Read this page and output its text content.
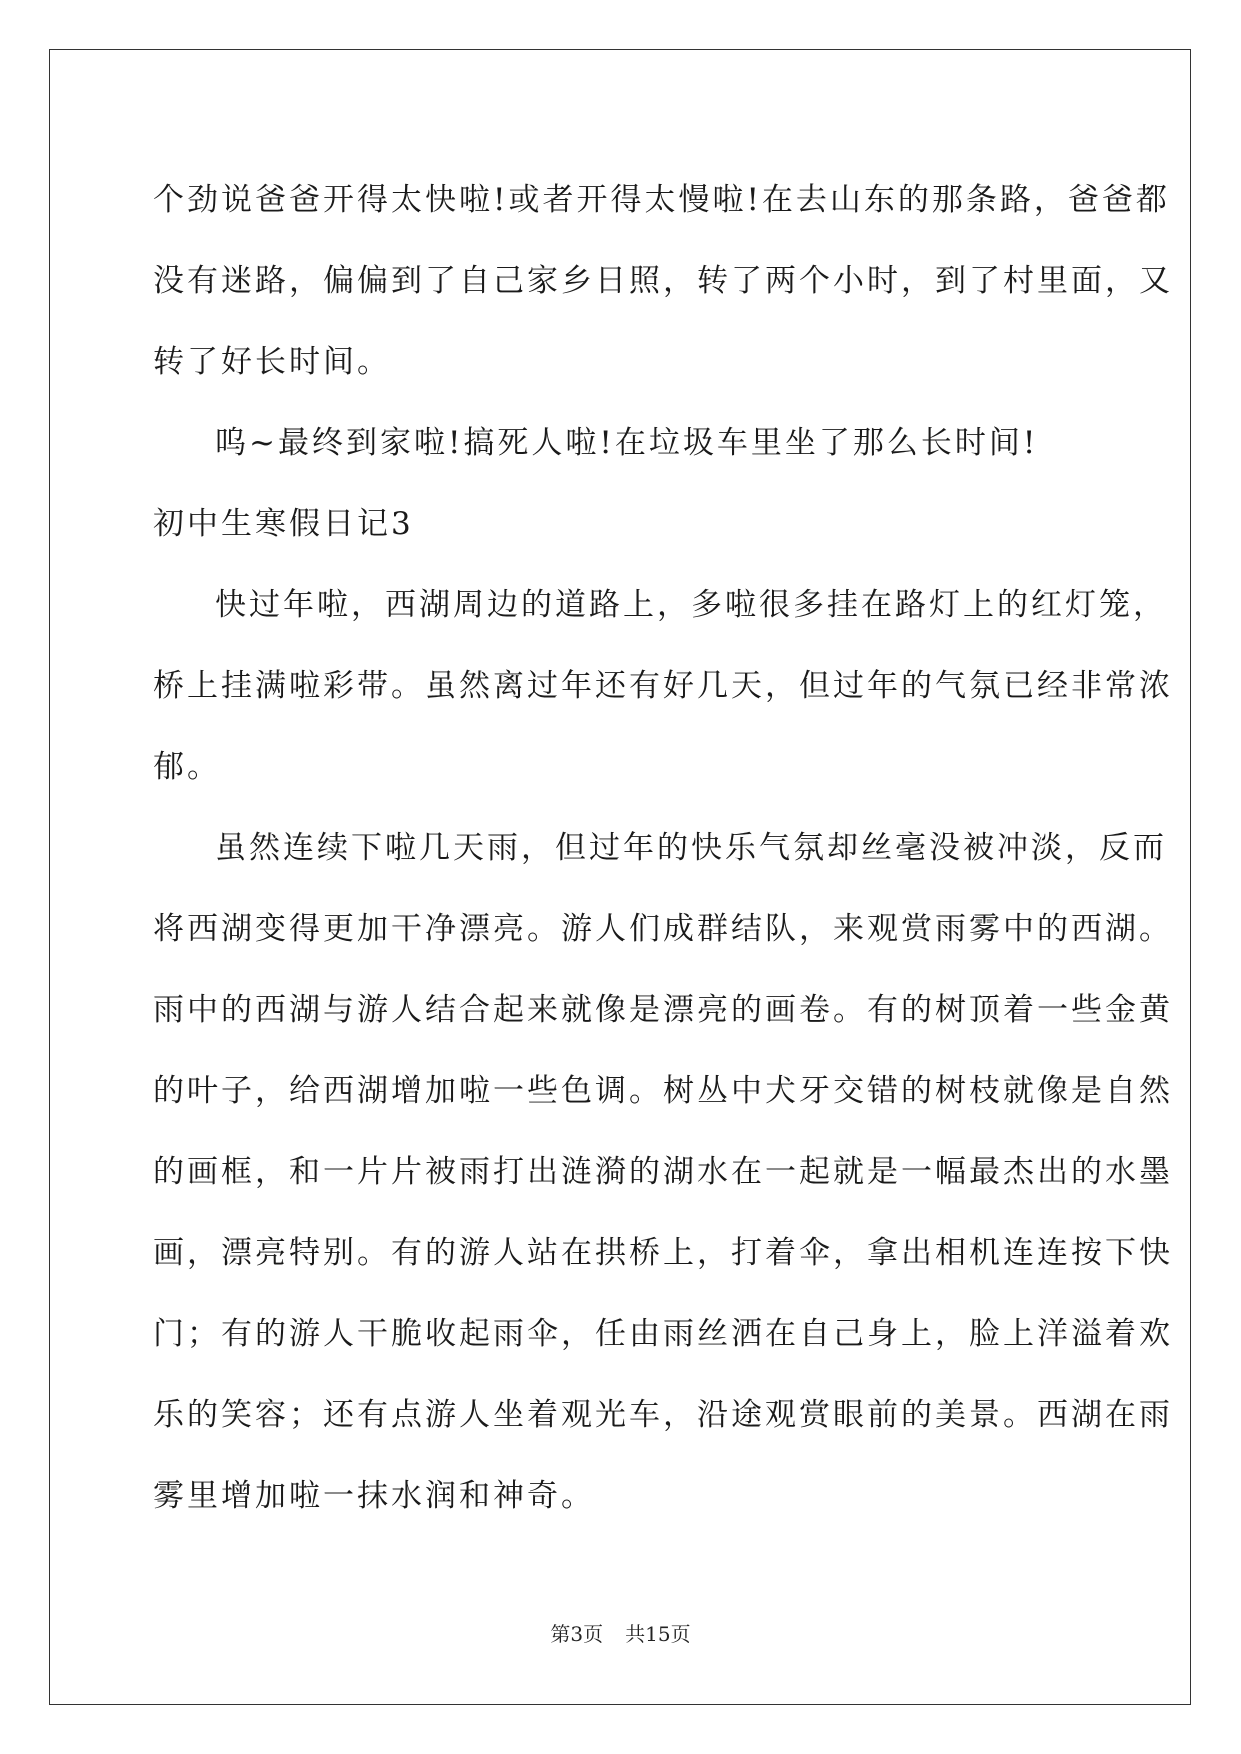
个劲说爸爸开得太快啦!或者开得太慢啦!在去山东的那条路，爸爸都
没有迷路，偏偏到了自己家乡日照，转了两个小时，到了村里面，又
转了好长时间。
呜~最终到家啦!搞死人啦!在垃圾车里坐了那么长时间!
初中生寒假日记3
快过年啦，西湖周边的道路上，多啦很多挂在路灯上的红灯笼，
桥上挂满啦彩带。虽然离过年还有好几天，但过年的气氛已经非常浓
郁。
虽然连续下啦几天雨，但过年的快乐气氛却丝毫没被冲淡，反而
将西湖变得更加干净漂亮。游人们成群结队，来观赏雨雾中的西湖。
雨中的西湖与游人结合起来就像是漂亮的画卷。有的树顶着一些金黄
的叶子，给西湖增加啦一些色调。树丛中犬牙交错的树枝就像是自然
的画框，和一片片被雨打出涟漪的湖水在一起就是一幅最杰出的水墨
画，漂亮特别。有的游人站在拱桥上，打着伞，拿出相机连连按下快
门；有的游人干脆收起雨伞，任由雨丝洒在自己身上，脸上洋溢着欢
乐的笑容；还有点游人坐着观光车，沿途观赏眼前的美景。西湖在雨
雾里增加啦一抹水润和神奇。
第3页 共15页
